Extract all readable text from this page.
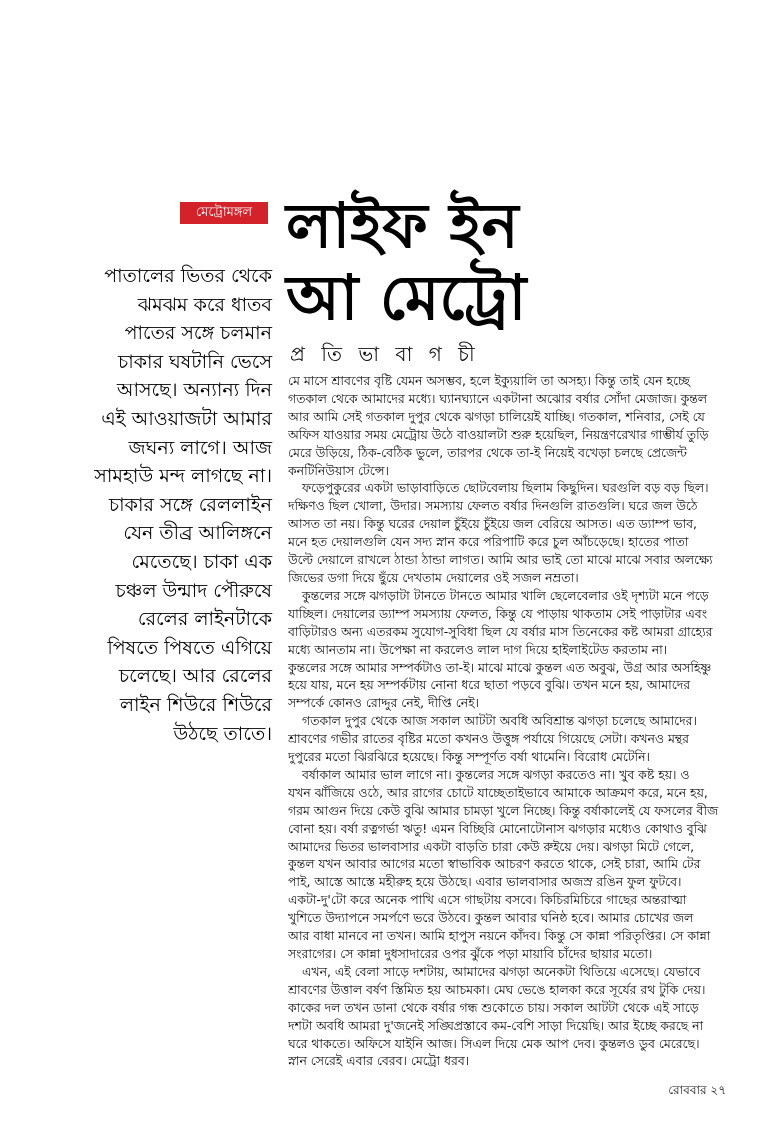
মেট্রোমঙ্গল লাইফ ইন
আ মেট্রো
প্র তি ভা বা গ চী
পাতালের ভিতর থেকে
ঝমঝম করে ধাতব
পাতের সঙ্গে চলমান
চাকার ঘষটানি ভেসে
আসছে। অন্যান্য দিন
এই আওয়াজটা আমার
জঘন্য লাগে। আজ
সামহাউ মন্দ লাগছে না।
চাকার সঙ্গে রেললাইন
যেন তীব্র আলিঙ্গনে
মেতেছে। চাকা এক
চঞ্চল উন্মাদ পৌরুষে
রেলের লাইনটাকে
পিষতে পিষতে এগিয়ে
চলেছে। আর রেলের
লাইন শিউরে শিউরে
উঠছে তাতে।
মে মাসে শ্রাবণের বৃষ্টি যেমন অসম্ভব, হলে ইক্যুয়ালি তা অসহ্য। কিন্তু তাই যেন হচ্ছে
গতকাল থেকে আমাদের মধ্যে। ঘ্যানঘ্যানে একটানা অঝোর বর্ষার সোঁদা মেজাজ। কুন্তল
আর আমি সেই গতকাল দুপুর থেকে ঝগড়া চালিয়েই যাচ্ছি। গতকাল, শনিবার, সেই যে
অফিস যাওয়ার সময় মেট্রোয় উঠে বাওয়ালটা শুরু হয়েছিল, নিয়ন্ত্রণরেখার গাম্ভীর্য তুড়ি
মেরে উড়িয়ে, ঠিক-বেঠিক ভুলে, তারপর থেকে তা-ই নিয়েই বখেড়া চলছে প্রেজেন্ট
কনটিনিউয়াস টেন্সে।
ফড়েপুকুরের একটা ভাড়াবাড়িতে ছোটবেলায় ছিলাম কিছুদিন। ঘরগুলি বড় বড় ছিল।
দক্ষিণও ছিল খোলা, উদার। সমস্যায় ফেলত বর্ষার দিনগুলি রাতগুলি। ঘরে জল উঠে
আসত তা নয়। কিন্তু ঘরের দেয়াল চুঁইয়ে চুঁইয়ে জল বেরিয়ে আসত। এত ড্যাম্প ভাব,
মনে হত দেয়ালগুলি যেন সদ্য স্নান করে পরিপাটি করে চুল আঁচড়েছে। হাতের পাতা
উল্টে দেয়ালে রাখলে ঠান্ডা ঠান্ডা লাগত। আমি আর ভাই তো মাঝে মাঝে সবার অলক্ষ্যে
জিভের ডগা দিয়ে ছুঁয়ে দেখতাম দেয়ালের ওই সজল নম্রতা।
কুন্তলের সঙ্গে ঝগড়াটা টানতে টানতে আমার খালি ছেলেবেলার ওই দৃশ্যটা মনে পড়ে
যাচ্ছিল। দেয়ালের ড্যাম্প সমস্যায় ফেলত, কিন্তু যে পাড়ায় থাকতাম সেই পাড়াটার এবং
বাড়িটারও অন্য এতরকম সুযোগ-সুবিধা ছিল যে বর্ষার মাস তিনেকের কষ্ট আমরা গ্রাহ্যের
মধ্যে আনতাম না। উপেক্ষা না করলেও লাল দাগ দিয়ে হাইলাইটেড করতাম না।
কুন্তলের সঙ্গে আমার সম্পর্কটাও তা-ই। মাঝে মাঝে কুন্তল এত অবুঝ, উগ্র আর অসহিষ্ণু
হয়ে যায়, মনে হয় সম্পর্কটায় নোনা ধরে ছাতা পড়বে বুঝি। তখন মনে হয়, আমাদের
সম্পর্কে কোনও রোদ্দুর নেই, দীপ্তি নেই।
গতকাল দুপুর থেকে আজ সকাল আটটা অবধি অবিশ্রান্ত ঝগড়া চলেছে আমাদের।
শ্রাবণের গভীর রাতের বৃষ্টির মতো কখনও উত্তুঙ্গ পর্যায়ে গিয়েছে সেটা। কখনও মন্থর
দুপুরের মতো ঝিরঝিরে হয়েছে। কিন্তু সম্পূর্ণত বর্ষা থামেনি। বিরোধ মেটেনি।
বর্ষাকাল আমার ভাল লাগে না। কুন্তলের সঙ্গে ঝগড়া করতেও না। খুব কষ্ট হয়। ও
যখন ঝাঁজিয়ে ওঠে, আর রাগের চোটে যাচ্ছেতাইভাবে আমাকে আক্রমণ করে, মনে হয়,
গরম আগুন দিয়ে কেউ বুঝি আমার চামড়া খুলে নিচ্ছে। কিন্তু বর্ষাকালেই যে ফসলের বীজ
বোনা হয়। বর্ষা রত্নগর্ভা ঋতু! এমন বিচ্ছিরি মোনোটোনাস ঝগড়ার মধ্যেও কোথাও বুঝি
আমাদের ভিতর ভালবাসার একটা বাড়তি চারা কেউ রুইয়ে দেয়। ঝগড়া মিটে গেলে,
কুন্তল যখন আবার আগের মতো স্বাভাবিক আচরণ করতে থাকে, সেই চারা, আমি টের
পাই, আস্তে আস্তে মহীরুহ হয়ে উঠছে। এবার ভালবাসার অজস্র রঙিন ফুল ফুটবে।
একটা-দু'টো করে অনেক পাখি এসে গাছটায় বসবে। কিচিরমিচিরে গাছের অন্তরাত্মা
খুশিতে উদ্যাপনে সমর্পণে ভরে উঠবে। কুন্তল আবার ঘনিষ্ঠ হবে। আমার চোখের জল
আর বাধা মানবে না তখন। আমি হাপুস নয়নে কাঁদব। কিন্তু সে কান্না পরিতৃপ্তির। সে কান্না
সংরাগের। সে কান্না দুধসাদারের ওপর ঝুঁকে পড়া মায়াবি চাঁদের ছায়ার মতো।
এখন, এই বেলা সাড়ে দশটায়, আমাদের ঝগড়া অনেকটা থিতিয়ে এসেছে। যেভাবে
শ্রাবণের উত্তাল বর্ষণ স্তিমিত হয় আচমকা। মেঘ ভেঙে হালকা করে সূর্যের রথ টুকি দেয়।
কাকের দল তখন ডানা থেকে বর্ষার গন্ধ শুকোতে চায়। সকাল আটটা থেকে এই সাড়ে
দশটা অবধি আমরা দু'জনেই সঙ্ঘিপ্রস্তাবে কম-বেশি সাড়া দিয়েছি। আর ইচ্ছে করছে না
ঘরে থাকতে। অফিসে যাইনি আজ। সিএল দিয়ে মেক আপ দেব। কুন্তলও ডুব মেরেছে।
স্নান সেরেই এবার বেরব। মেট্রো ধরব।
রোববার ২৭
